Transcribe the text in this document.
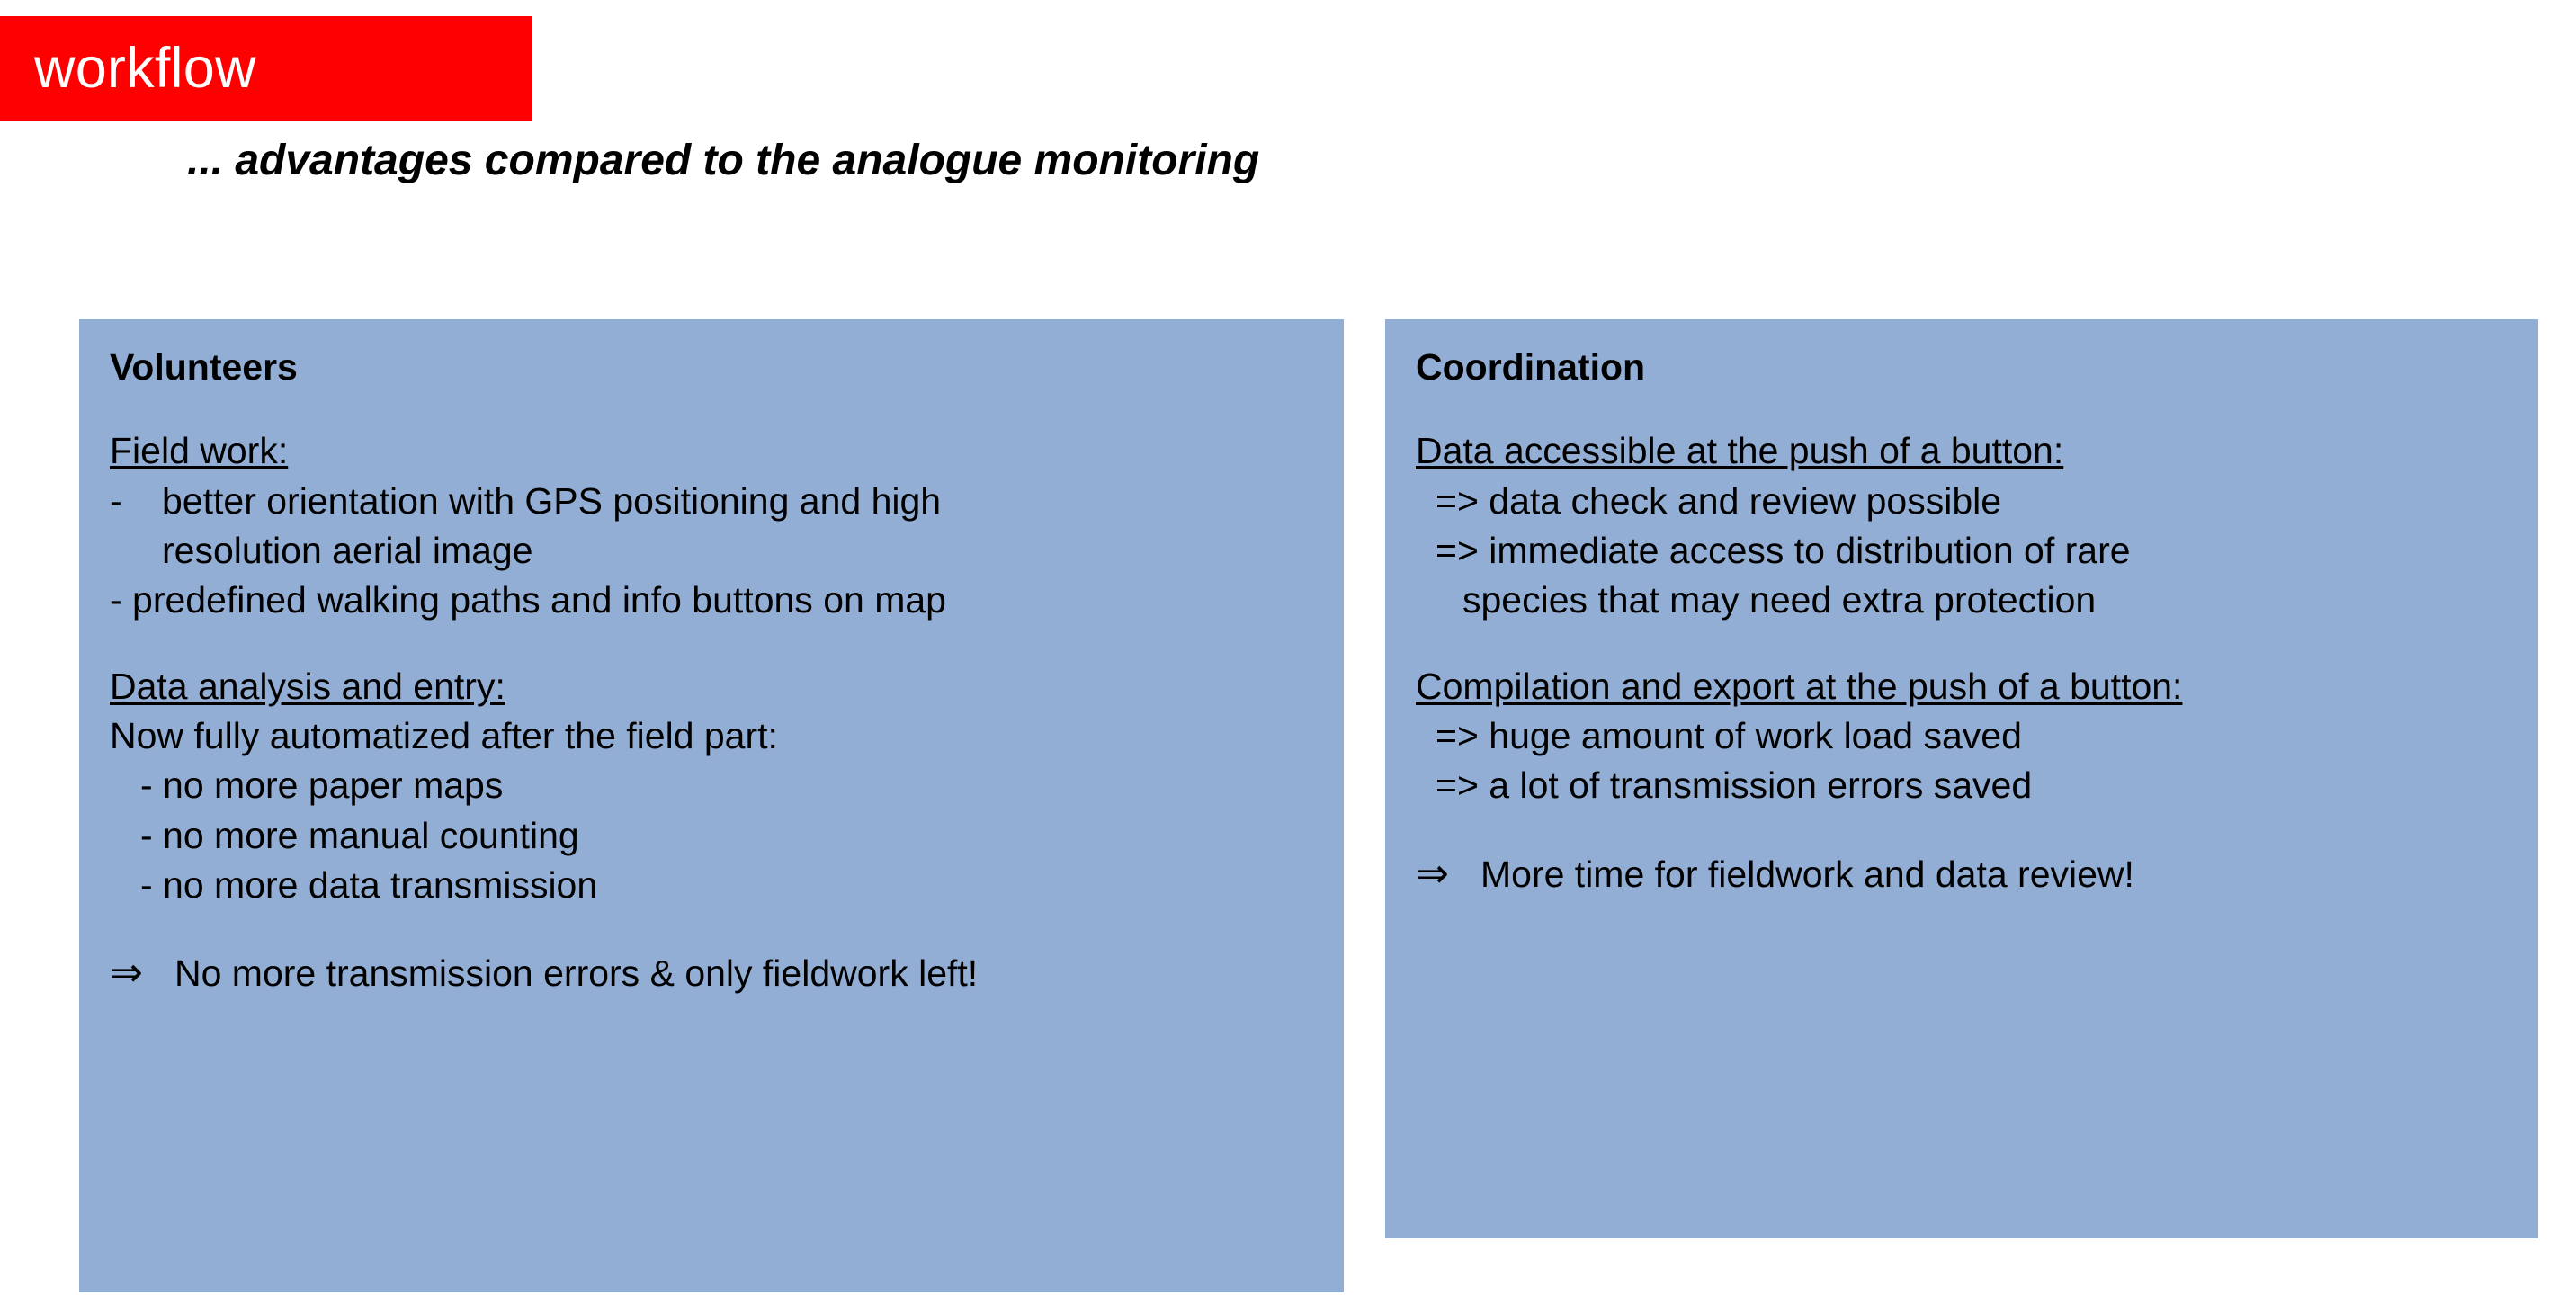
workflow
... advantages compared to the analogue monitoring
Volunteers
Field work:
-	better orientation with GPS positioning and high
resolution aerial image
- predefined walking paths and info buttons on map
Data analysis and entry:
Now fully automatized after the field part:
- no more paper maps
- no more manual counting
- no more data transmission
⇒ No more transmission errors & only fieldwork left!
Coordination
Data accessible at the push of a button:
=> data check and review possible
=> immediate access to distribution of rare
species that may need extra protection
Compilation and export at the push of a button:
=> huge amount of work load saved
=> a lot of transmission errors saved
⇒ More time for fieldwork and data review!
